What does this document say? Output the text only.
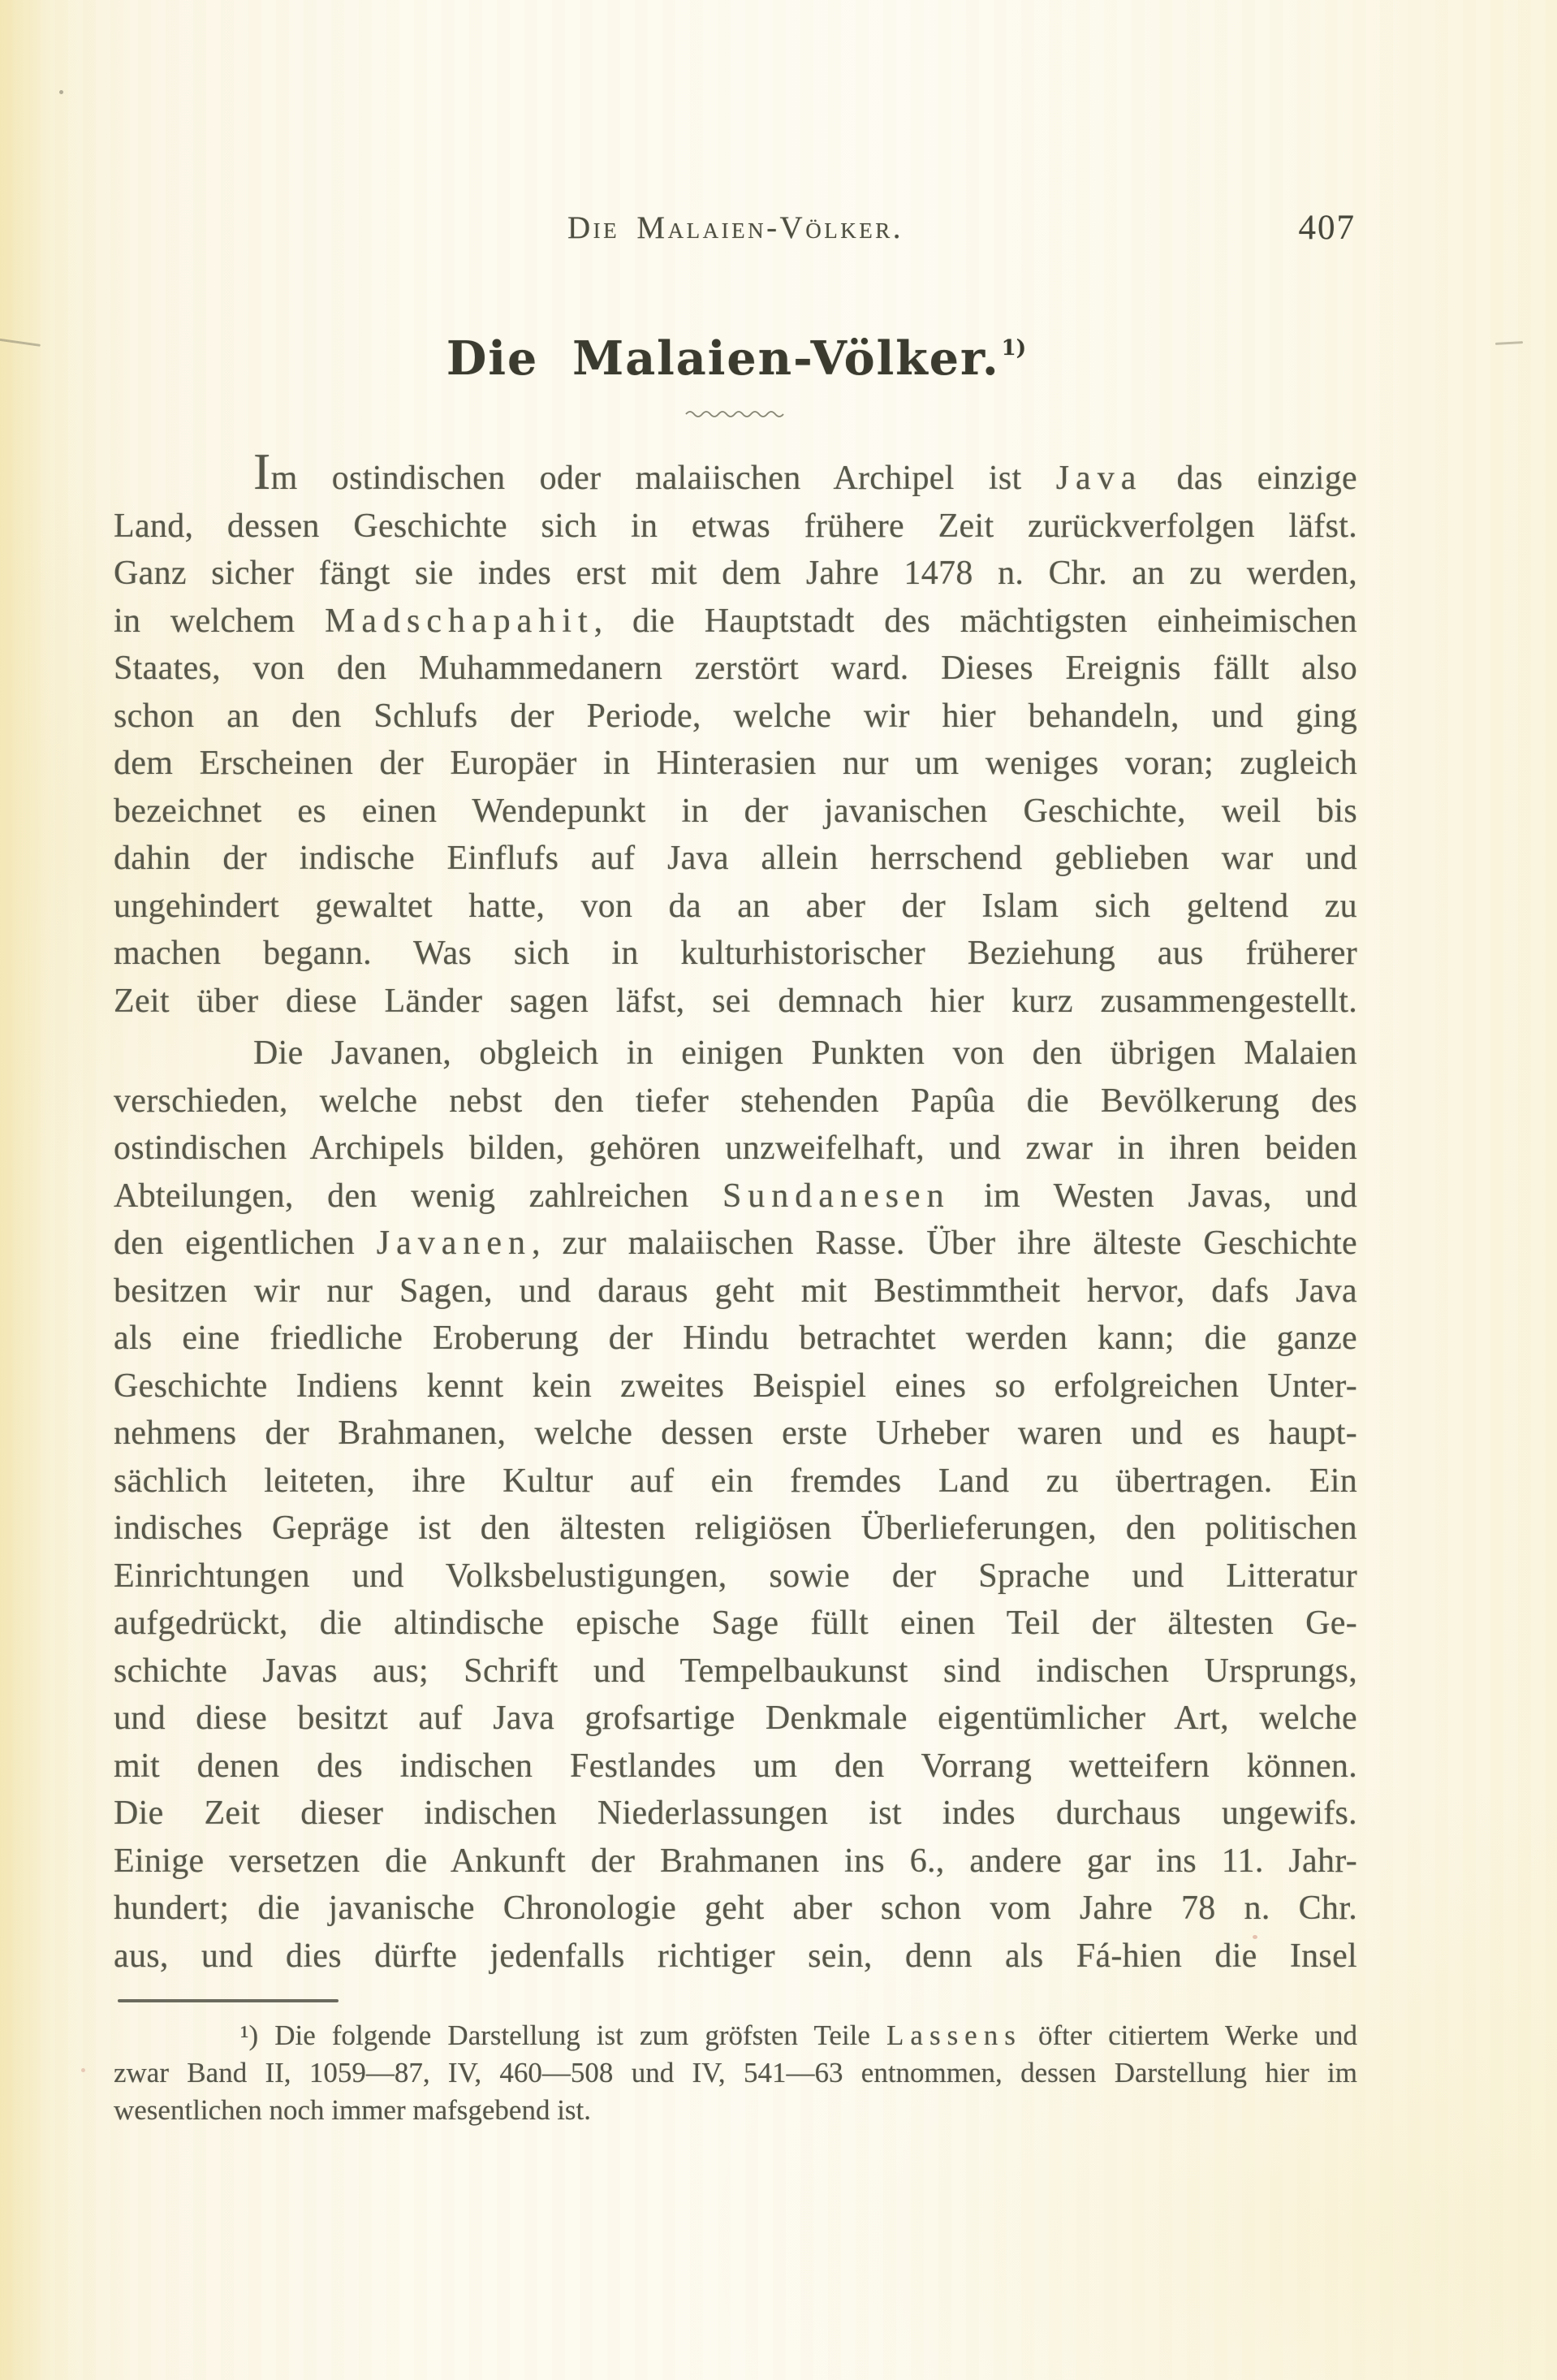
Die Malaien-Völker.	407
Die Malaien-Völker.$^{1)}$
Im ostindischen oder malaiischen Archipel ist Java das einzige
Land, dessen Geschichte sich in etwas frühere Zeit zurückverfolgen läfst.
Ganz sicher fängt sie indes erst mit dem Jahre 1478 n. Chr. an zu werden,
in welchem Madschapahit, die Hauptstadt des mächtigsten einheimischen
Staates, von den Muhammedanern zerstört ward. Dieses Ereignis fällt also
schon an den Schlufs der Periode, welche wir hier behandeln, und ging
dem Erscheinen der Europäer in Hinterasien nur um weniges voran; zugleich
bezeichnet es einen Wendepunkt in der javanischen Geschichte, weil bis
dahin der indische Einflufs auf Java allein herrschend geblieben war und
ungehindert gewaltet hatte, von da an aber der Islam sich geltend zu
machen begann. Was sich in kulturhistorischer Beziehung aus früherer
Zeit über diese Länder sagen läfst, sei demnach hier kurz zusammengestellt.
Die Javanen, obgleich in einigen Punkten von den übrigen Malaien
verschieden, welche nebst den tiefer stehenden Papûa die Bevölkerung des
ostindischen Archipels bilden, gehören unzweifelhaft, und zwar in ihren beiden
Abteilungen, den wenig zahlreichen Sundanesen im Westen Javas, und
den eigentlichen Javanen, zur malaiischen Rasse. Über ihre älteste Geschichte
besitzen wir nur Sagen, und daraus geht mit Bestimmtheit hervor, dafs Java
als eine friedliche Eroberung der Hindu betrachtet werden kann; die ganze
Geschichte Indiens kennt kein zweites Beispiel eines so erfolgreichen Unter-
nehmens der Brahmanen, welche dessen erste Urheber waren und es haupt-
sächlich leiteten, ihre Kultur auf ein fremdes Land zu übertragen. Ein
indisches Gepräge ist den ältesten religiösen Überlieferungen, den politischen
Einrichtungen und Volksbelustigungen, sowie der Sprache und Litteratur
aufgedrückt, die altindische epische Sage füllt einen Teil der ältesten Ge-
schichte Javas aus; Schrift und Tempelbaukunst sind indischen Ursprungs,
und diese besitzt auf Java grofsartige Denkmale eigentümlicher Art, welche
mit denen des indischen Festlandes um den Vorrang wetteifern können.
Die Zeit dieser indischen Niederlassungen ist indes durchaus ungewifs.
Einige versetzen die Ankunft der Brahmanen ins 6., andere gar ins 11. Jahr-
hundert; die javanische Chronologie geht aber schon vom Jahre 78 n. Chr.
aus, und dies dürfte jedenfalls richtiger sein, denn als Fá-hien die Insel
¹) Die folgende Darstellung ist zum gröfsten Teile Lassens öfter citiertem Werke und
zwar Band II, 1059—87, IV, 460—508 und IV, 541—63 entnommen, dessen Darstellung hier im
wesentlichen noch immer mafsgebend ist.
